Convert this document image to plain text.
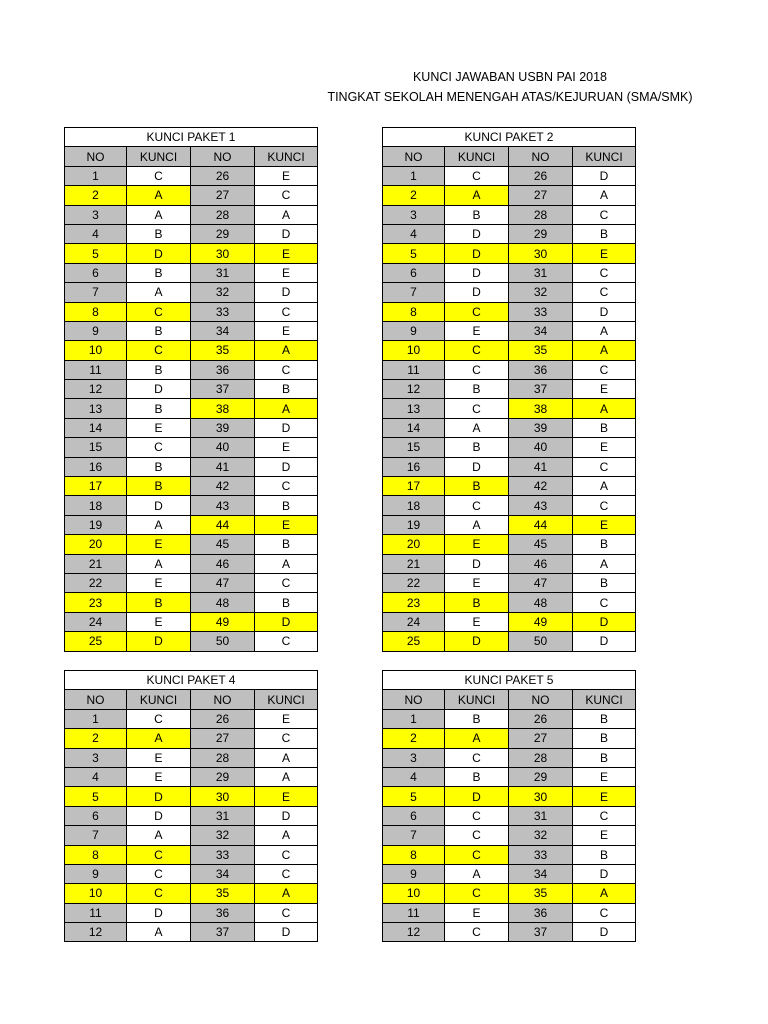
KUNCI JAWABAN USBN PAI 2018
TINGKAT SEKOLAH MENENGAH ATAS/KEJURUAN (SMA/SMK)
KUNCI PAKET 1			
NO	KUNCI	NO	KUNCI
1	C	26	E
2	A	27	C
3	A	28	A
4	B	29	D
5	D	30	E
6	B	31	E
7	A	32	D
8	C	33	C
9	B	34	E
10	C	35	A
11	B	36	C
12	D	37	B
13	B	38	A
14	E	39	D
15	C	40	E
16	B	41	D
17	B	42	C
18	D	43	B
19	A	44	E
20	E	45	B
21	A	46	A
22	E	47	C
23	B	48	B
24	E	49	D
25	D	50	C
KUNCI PAKET 2			
NO	KUNCI	NO	KUNCI
1	C	26	D
2	A	27	A
3	B	28	C
4	D	29	B
5	D	30	E
6	D	31	C
7	D	32	C
8	C	33	D
9	E	34	A
10	C	35	A
11	C	36	C
12	B	37	E
13	C	38	A
14	A	39	B
15	B	40	E
16	D	41	C
17	B	42	A
18	C	43	C
19	A	44	E
20	E	45	B
21	D	46	A
22	E	47	B
23	B	48	C
24	E	49	D
25	D	50	D
KUNCI PAKET 4			
NO	KUNCI	NO	KUNCI
1	C	26	E
2	A	27	C
3	E	28	A
4	E	29	A
5	D	30	E
6	D	31	D
7	A	32	A
8	C	33	C
9	C	34	C
10	C	35	A
11	D	36	C
12	A	37	D
KUNCI PAKET 5			
NO	KUNCI	NO	KUNCI
1	B	26	B
2	A	27	B
3	C	28	B
4	B	29	E
5	D	30	E
6	C	31	C
7	C	32	E
8	C	33	B
9	A	34	D
10	C	35	A
11	E	36	C
12	C	37	D
